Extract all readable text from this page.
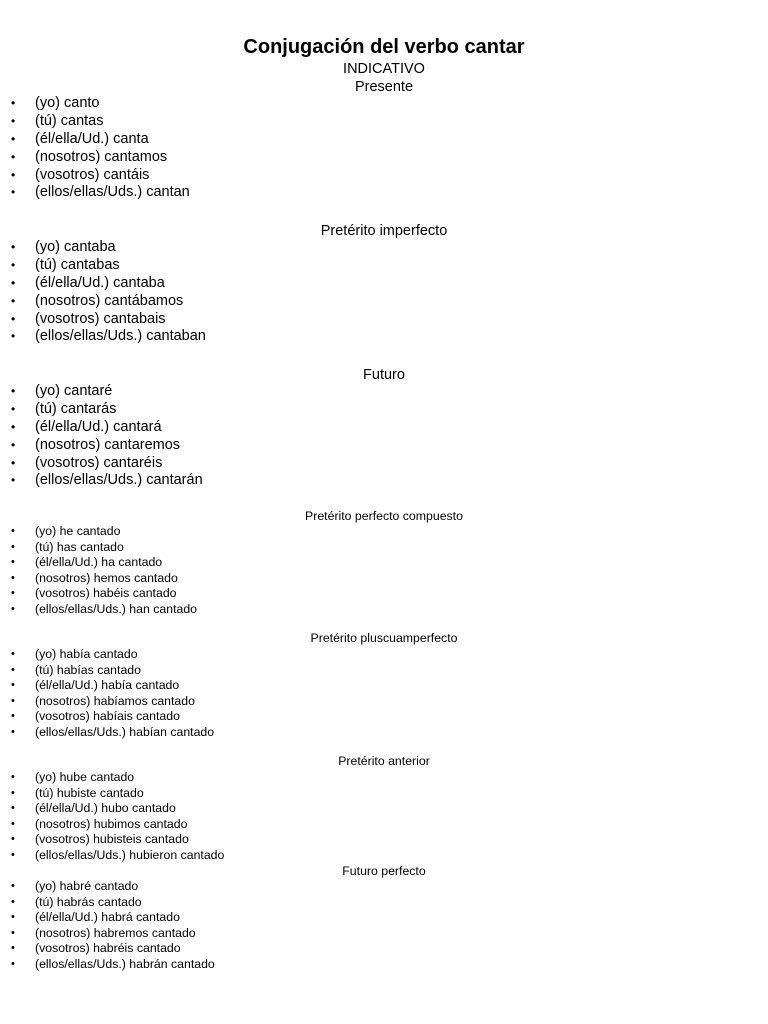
Conjugación del verbo cantar
INDICATIVO
Presente
• (yo) canto
• (tú) cantas
• (él/ella/Ud.) canta
• (nosotros) cantamos
• (vosotros) cantáis
• (ellos/ellas/Uds.) cantan
Pretérito imperfecto
• (yo) cantaba
• (tú) cantabas
• (él/ella/Ud.) cantaba
• (nosotros) cantábamos
• (vosotros) cantabais
• (ellos/ellas/Uds.) cantaban
Futuro
• (yo) cantaré
• (tú) cantarás
• (él/ella/Ud.) cantará
• (nosotros) cantaremos
• (vosotros) cantaréis
• (ellos/ellas/Uds.) cantarán
Pretérito perfecto compuesto
• (yo) he cantado
• (tú) has cantado
• (él/ella/Ud.) ha cantado
• (nosotros) hemos cantado
• (vosotros) habéis cantado
• (ellos/ellas/Uds.) han cantado
Pretérito pluscuamperfecto
• (yo) había cantado
• (tú) habías cantado
• (él/ella/Ud.) había cantado
• (nosotros) habíamos cantado
• (vosotros) habíais cantado
• (ellos/ellas/Uds.) habían cantado
Pretérito anterior
• (yo) hube cantado
• (tú) hubiste cantado
• (él/ella/Ud.) hubo cantado
• (nosotros) hubimos cantado
• (vosotros) hubisteis cantado
• (ellos/ellas/Uds.) hubieron cantado
Futuro perfecto
• (yo) habré cantado
• (tú) habrás cantado
• (él/ella/Ud.) habrá cantado
• (nosotros) habremos cantado
• (vosotros) habréis cantado
• (ellos/ellas/Uds.) habrán cantado
